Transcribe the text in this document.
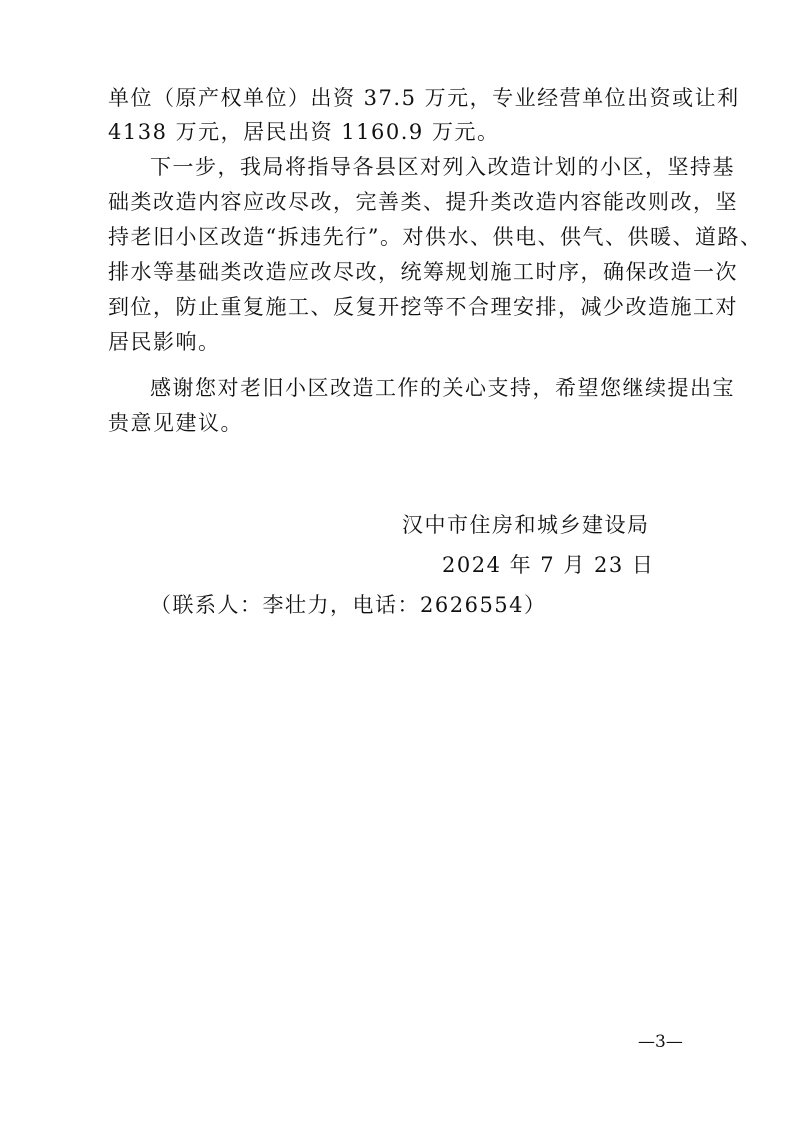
单位（原产权单位）出资 37.5 万元，专业经营单位出资或让利
4138 万元，居民出资 1160.9 万元。
下一步，我局将指导各县区对列入改造计划的小区，坚持基
础类改造内容应改尽改，完善类、提升类改造内容能改则改，坚
持老旧小区改造“拆违先行”。对供水、供电、供气、供暖、道路、
排水等基础类改造应改尽改，统筹规划施工时序，确保改造一次
到位，防止重复施工、反复开挖等不合理安排，减少改造施工对
居民影响。
感谢您对老旧小区改造工作的关心支持，希望您继续提出宝
贵意见建议。
汉中市住房和城乡建设局
2024 年 7 月 23 日
（联系人：李壮力，电话：2626554）
—3—
